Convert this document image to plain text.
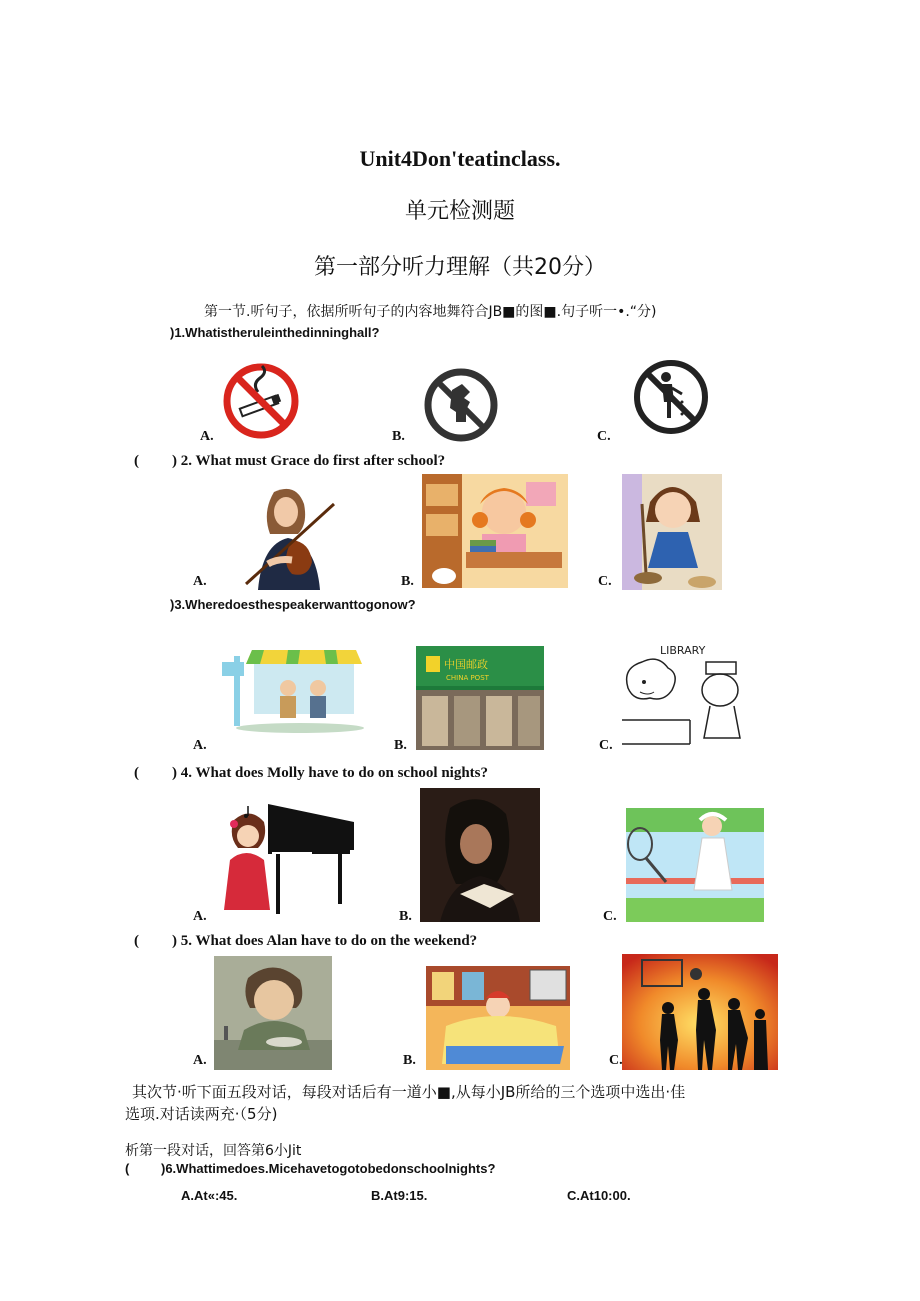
Unit4Don'teatinclass.
单元检测题
第一部分听力理解（共20分）
第一节.听句子，依据所听句子的内容地舞符合JB■的图■.句子听一•.“分)
)1.Whatistheruleinthedinninghall?
A.	B.	C.
( ) 2. What must Grace do first after school?
A.	B.	C.
)3.Wheredoesthespeakerwanttogonow?
中国邮政
CHINA POST
LIBRARY
A.	B.	C.
( ) 4. What does Molly have to do on school nights?
A.	B.	C.
( ) 5. What does Alan have to do on the weekend?
A.	B.	C.
其次节·听下面五段对话，每段对话后有一道小■,从每小JB所给的三个选项中选出·佳
选项.对话读两充·（5分)
析第一段对话，回答第6小Jit
( )6.Whattimedoes.Micehavetogotobedonschoolnights?
A.At«:45.	B.At9:15.	C.At10:00.
